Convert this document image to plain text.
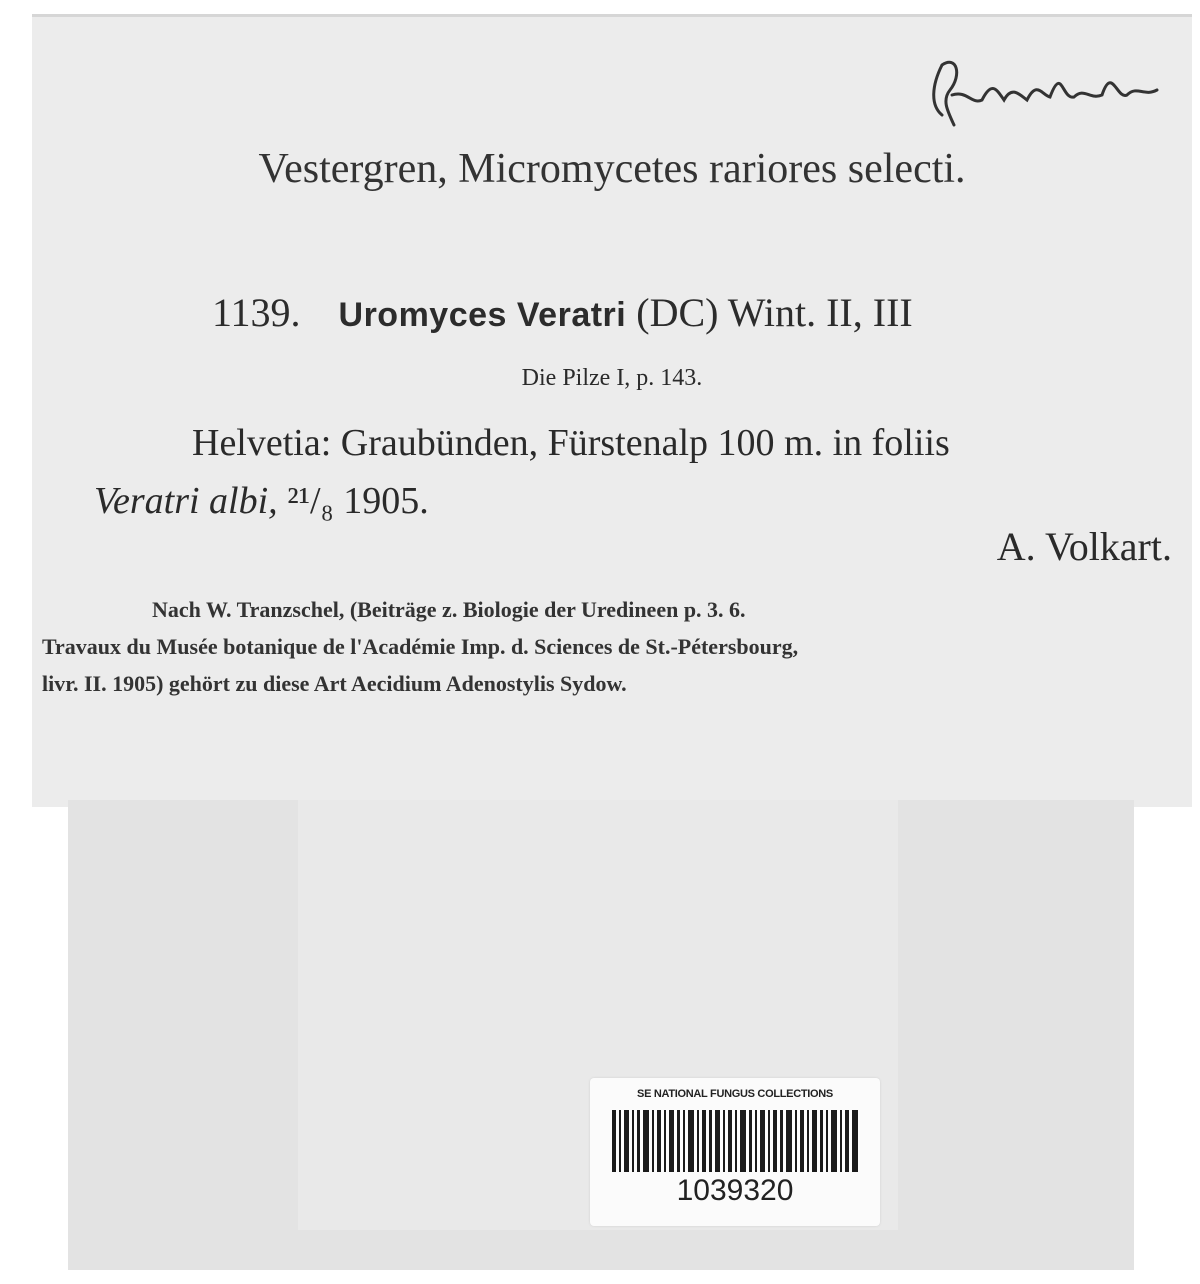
Vestergren, Micromycetes rariores selecti.
1139. Uromyces Veratri (DC) Wint. II, III
Die Pilze I, p. 143.
Helvetia: Graubünden, Fürstenalp 100 m. in foliis
Veratri albi, ²¹/₈ 1905.
A. Volkart.
Nach W. Tranzschel, (Beiträge z. Biologie der Uredineen p. 3. 6.
Travaux du Musée botanique de l'Académie Imp. d. Sciences de St.-Pétersbourg,
livr. II. 1905) gehört zu diese Art Aecidium Adenostylis Sydow.
SE NATIONAL FUNGUS COLLECTIONS
1039320
